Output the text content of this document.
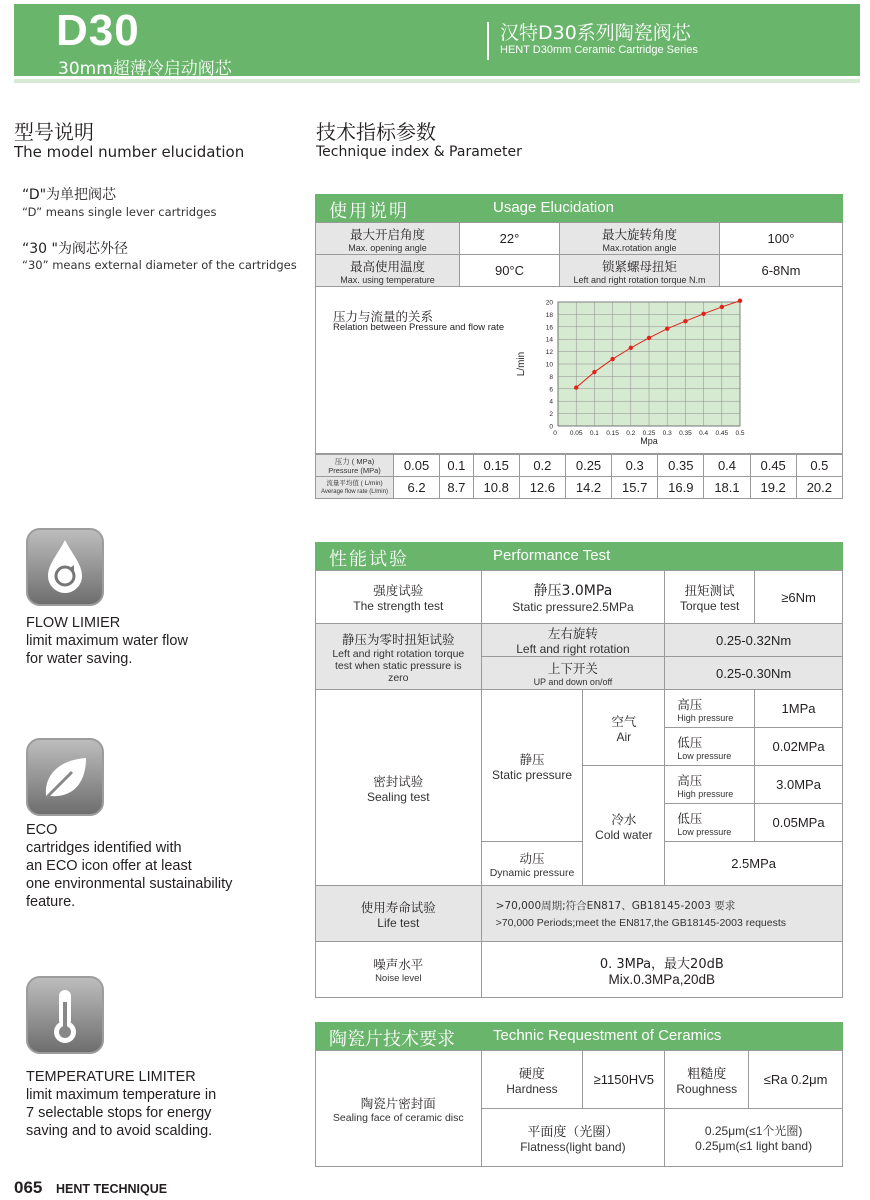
D30
30mm超薄冷启动阀芯
汉特D30系列陶瓷阀芯
HENT D30mm Ceramic Cartridge Series
型号说明
The model number elucidation
“D"为单把阀芯
“D” means single lever cartridges
“30 "为阀芯外径
“30” means external diameter of the cartridges
技术指标参数
Technique index & Parameter
使用说明	Usage Elucidation
最大开启角度
Max. opening angle	22°	最大旋转角度
Max.rotation angle	100°

最高使用温度
Max. using temperature	90°C	锁紧螺母扭矩
Left and right rotation torque N.m	6-8Nm
压力与流量的关系
Relation between Pressure and flow rate
0
2
4
6
8
10
12
14
16
18
20
0.05 0.1 0.15 0.2 0.25 0.3 0.35 0.4 0.45 0.5
0
Mpa
L/min
压力 ( MPa)
Pressure (MPa)	0.05	0.1	0.15	0.2	0.25	0.3	0.35	0.4	0.45	0.5

流量平均值 ( L/min)
Average flow rate (L/min)	6.2	8.7	10.8	12.6	14.2	15.7	16.9	18.1	19.2	20.2
性能试验	Performance Test
强度试验
The strength test	静压3.0MPa
Static pressure2.5MPa		扭矩测试
Torque test	≥6Nm

静压为零时扭矩试验
Left and right rotation torque test when static pressure is zero	左右旋转
Left and right rotation		0.25-0.32Nm	

	上下开关
UP and down on/off		0.25-0.30Nm	

密封试验
Sealing test	静压
Static pressure	空气
Air	高压
High pressure	1MPa

			低压
Low pressure	0.02MPa

		冷水
Cold water	高压
High pressure	3.0MPa

			低压
Low pressure	0.05MPa

	动压
Dynamic pressure		2.5MPa	

使用寿命试验
Life test	>70,000周期;符合EN817、GB18145-2003 要求
>70,000 Periods;meet the EN817,the GB18145-2003 requests			

噪声水平
Noise level	0. 3MPa，最大20dB
Mix.0.3MPa,20dB			
陶瓷片技术要求	Technic Requestment of Ceramics
陶瓷片密封面
Sealing face of ceramic disc	硬度
Hardness	≥1150HV5	粗糙度
Roughness	≤Ra 0.2μm

	平面度（光圈）
Flatness(light band)		0.25μm(≤1个光圈)
0.25μm(≤1 light band)	
FLOW LIMIER
limit maximum water flow
for water saving.
ECO
cartridges identified with
an ECO icon offer at least
one environmental sustainability
feature.
TEMPERATURE LIMITER
limit maximum temperature in
7 selectable stops for energy
saving and to avoid scalding.
065 HENT TECHNIQUE
